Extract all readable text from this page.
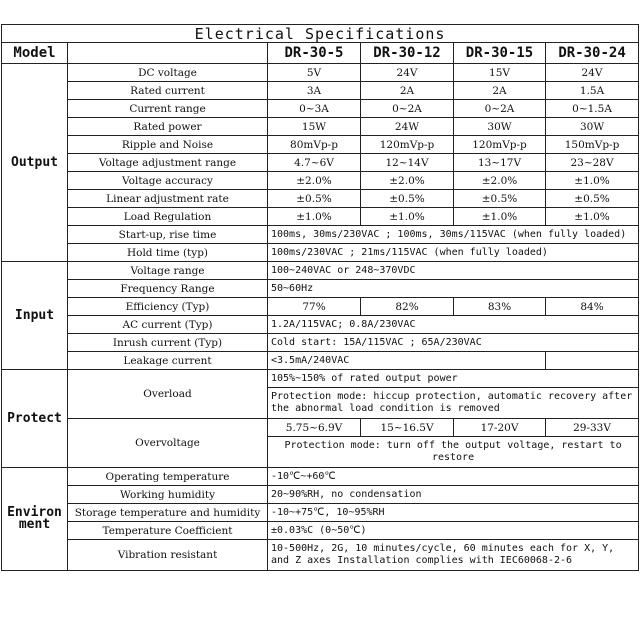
Electrical Specifications					
Model		DR-30-5	DR-30-12	DR-30-15	DR-30-24
Output	DC voltage	5V	24V	15V	24V
	Rated current	3A	2A	2A	1.5A
	Current range	0~3A	0~2A	0~2A	0~1.5A
	Rated power	15W	24W	30W	30W
	Ripple and Noise	80mVp-p	120mVp-p	120mVp-p	150mVp-p
	Voltage adjustment range	4.7~6V	12~14V	13~17V	23~28V
	Voltage accuracy	±2.0%	±2.0%	±2.0%	±1.0%
	Linear adjustment rate	±0.5%	±0.5%	±0.5%	±0.5%
	Load Regulation	±1.0%	±1.0%	±1.0%	±1.0%
	Start-up, rise time	100ms, 30ms/230VAC ; 100ms, 30ms/115VAC (when fully loaded)			
	Hold time (typ)	100ms/230VAC ; 21ms/115VAC (when fully loaded)			
Input	Voltage range	100~240VAC or 248~370VDC			
	Frequency Range	50~60Hz			
	Efficiency (Typ)	77%	82%	83%	84%
	AC current (Typ)	1.2A/115VAC; 0.8A/230VAC			
	Inrush current (Typ)	Cold start: 15A/115VAC ; 65A/230VAC			
	Leakage current	<3.5mA/240VAC			
Protect	Overload	105%~150% of rated output power			
		Protection mode: hiccup protection, automatic recovery after the abnormal load condition is removed			
	Overvoltage	5.75~6.9V	15~16.5V	17-20V	29-33V
		Protection mode: turn off the output voltage, restart to restore			
Environ ment	Operating temperature	-10℃~+60℃			
	Working humidity	20~90%RH, no condensation			
	Storage temperature and humidity	-10~+75℃, 10~95%RH			
	Temperature Coefficient	±0.03%C (0~50℃)			
	Vibration resistant	10-500Hz, 2G, 10 minutes/cycle, 60 minutes each for X, Y, and Z axes Installation complies with IEC60068-2-6			
